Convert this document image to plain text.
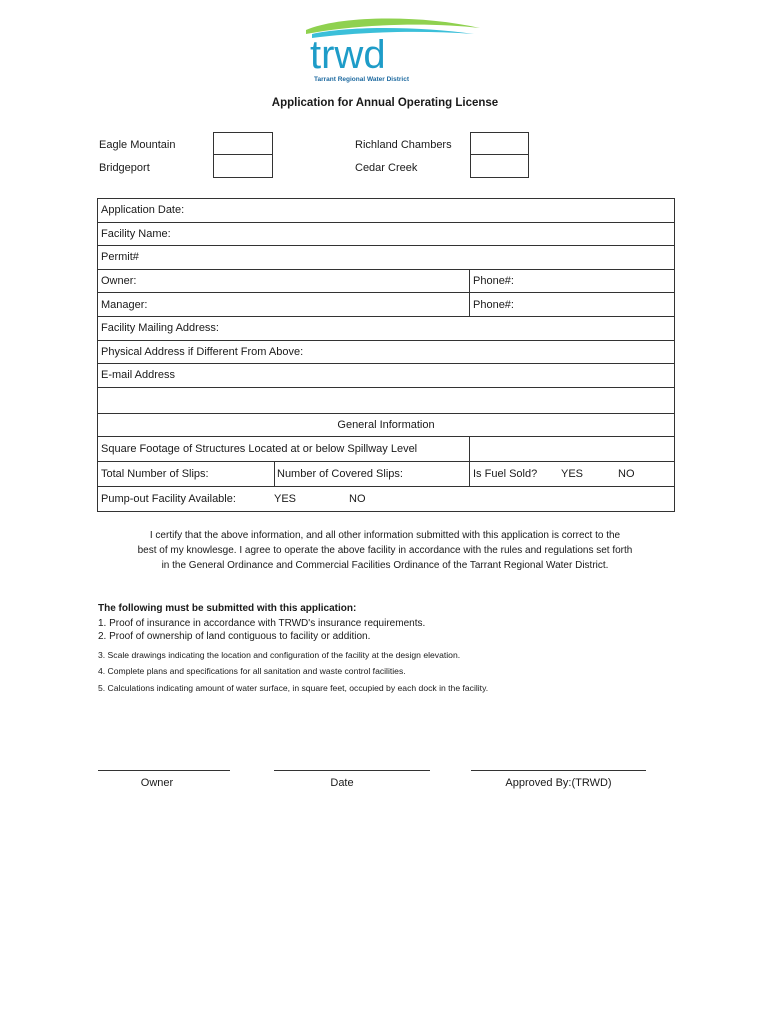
trwd
Tarrant Regional Water District
Application for Annual Operating License
Eagle Mountain
Bridgeport
Richland Chambers
Cedar Creek
Application Date:
Facility Name:
Permit#
Owner:	Phone#:
Manager:	Phone#:
Facility Mailing Address:
Physical Address if Different From Above:
E-mail Address
General Information
Square Footage of Structures Located at or below Spillway Level
Total Number of Slips:	Number of Covered Slips:	Is Fuel Sold? YES	NO
Pump-out Facility Available:	YES	NO
I certify that the above information, and all other information submitted with this application is correct to the
best of my knowlesge. I agree to operate the above facility in accordance with the rules and regulations set forth
in the General Ordinance and Commercial Facilities Ordinance of the Tarrant Regional Water District.
The following must be submitted with this application:
1. Proof of insurance in accordance with TRWD's insurance requirements.
2. Proof of ownership of land contiguous to facility or addition.
3. Scale drawings indicating the location and configuration of the facility at the design elevation.
4. Complete plans and specifications for all sanitation and waste control facilities.
5. Calculations indicating amount of water surface, in square feet, occupied by each dock in the facility.
Owner	Date	Approved By:(TRWD)
